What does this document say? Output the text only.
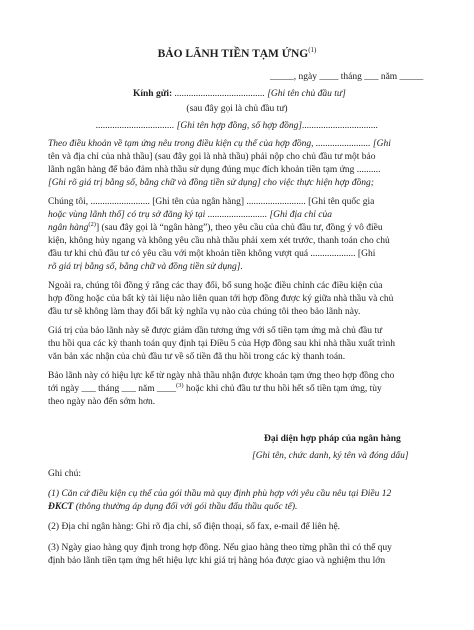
BẢO LÃNH TIỀN TẠM ỨNG$^{(1)}$
_____, ngày ____ tháng ___ năm _____
Kính gửi: ...................................... [Ghi tên chủ đầu tư]
(sau đây gọi là chủ đầu tư)
................................. [Ghi tên hợp đồng, số hợp đồng]................................
Theo điều khoản về tạm ứng nêu trong điều kiện cụ thể của hợp đồng, ....................... [Ghi
tên và địa chỉ của nhà thầu] (sau đây gọi là nhà thầu) phải nộp cho chủ đầu tư một bảo
lãnh ngân hàng để bảo đảm nhà thầu sử dụng đúng mục đích khoản tiền tạm ứng ..........
[Ghi rõ giá trị bằng số, bằng chữ và đồng tiền sử dụng] cho việc thực hiện hợp đồng;
Chúng tôi, ......................... [Ghi tên của ngân hàng] ......................... [Ghi tên quốc gia
hoặc vùng lãnh thổ] có trụ sở đăng ký tại ......................... [Ghi địa chỉ của
ngân hàng$^{(2)}$] (sau đây gọi là “ngân hàng”), theo yêu cầu của chủ đầu tư, đồng ý vô điều
kiện, không hủy ngang và không yêu cầu nhà thầu phải xem xét trước, thanh toán cho chủ
đầu tư khi chủ đầu tư có yêu cầu với một khoản tiền không vượt quá ................... [Ghi
rõ giá trị bằng số, bằng chữ và đồng tiền sử dụng].
Ngoài ra, chúng tôi đồng ý rằng các thay đổi, bổ sung hoặc điều chỉnh các điều kiện của
hợp đồng hoặc của bất kỳ tài liệu nào liên quan tới hợp đồng được ký giữa nhà thầu và chủ
đầu tư sẽ không làm thay đổi bất kỳ nghĩa vụ nào của chúng tôi theo bảo lãnh này.
Giá trị của bảo lãnh này sẽ được giảm dần tương ứng với số tiền tạm ứng mà chủ đầu tư
thu hồi qua các kỳ thanh toán quy định tại Điều 5 của Hợp đồng sau khi nhà thầu xuất trình
văn bản xác nhận của chủ đầu tư về số tiền đã thu hồi trong các kỳ thanh toán.
Bảo lãnh này có hiệu lực kể từ ngày nhà thầu nhận được khoản tạm ứng theo hợp đồng cho
tới ngày ___ tháng ___ năm ____$^{(3)}$ hoặc khi chủ đầu tư thu hồi hết số tiền tạm ứng, tùy
theo ngày nào đến sớm hơn.
Đại diện hợp pháp của ngân hàng
[Ghi tên, chức danh, ký tên và đóng dấu]
Ghi chú:
(1) Căn cứ điều kiện cụ thể của gói thầu mà quy định phù hợp với yêu cầu nêu tại Điều 12
ĐKCT (thông thường áp dụng đối với gói thầu đấu thầu quốc tế).
(2) Địa chỉ ngân hàng: Ghi rõ địa chỉ, số điện thoại, số fax, e-mail để liên hệ.
(3) Ngày giao hàng quy định trong hợp đồng. Nếu giao hàng theo từng phần thì có thể quy
định bảo lãnh tiền tạm ứng hết hiệu lực khi giá trị hàng hóa được giao và nghiệm thu lớn
